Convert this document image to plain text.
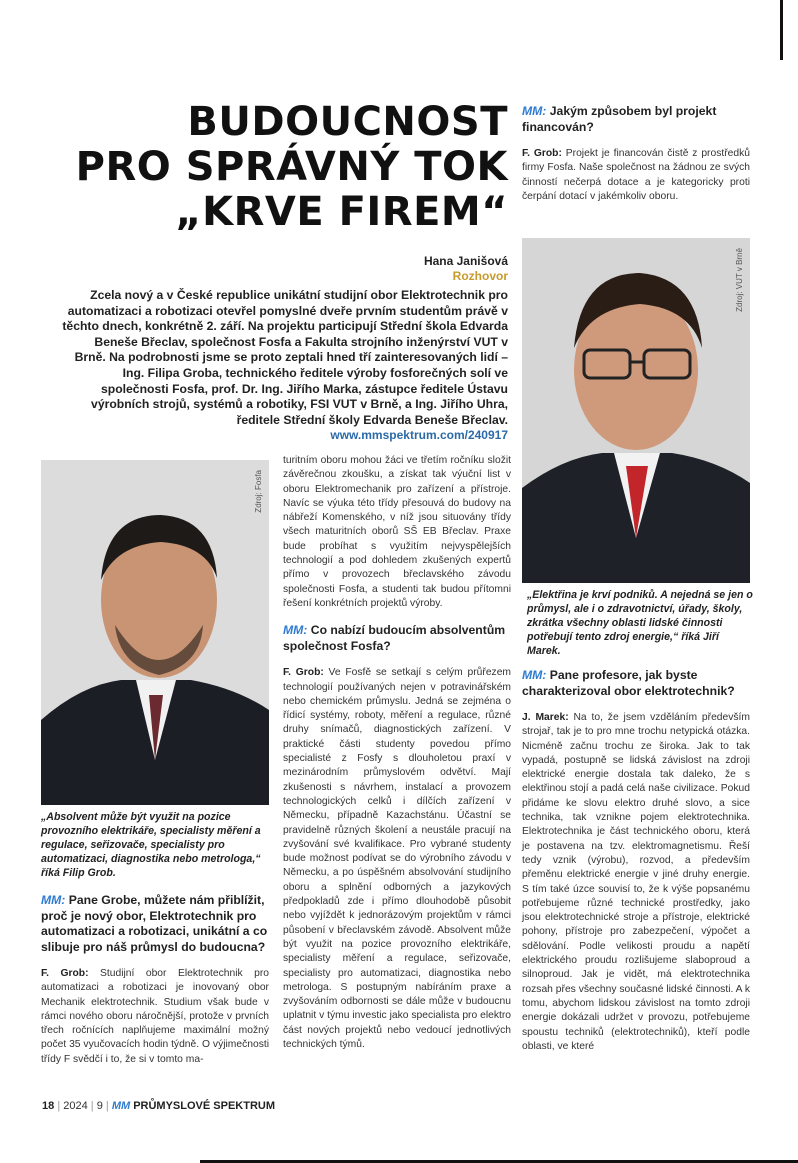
BUDOUCNOST
PRO SPRÁVNÝ TOK
„KRVE FIREM“
Hana Janišová
Rozhovor
Zcela nový a v České republice unikátní studijní obor Elektrotechnik pro automatizaci a robotizaci otevřel pomyslné dveře prvním studentům právě v těchto dnech, konkrétně 2. září. Na projektu participují Střední škola Edvarda Beneše Břeclav, společnost Fosfa a Fakulta strojního inženýrství VUT v Brně. Na podrobnosti jsme se proto zeptali hned tří zainteresovaných lidí – Ing. Filipa Groba, technického ředitele výroby fosforečných solí ve společnosti Fosfa, prof. Dr. Ing. Jiřího Marka, zástupce ředitele Ústavu výrobních strojů, systémů a robotiky, FSI VUT v Brně, a Ing. Jiřího Uhra, ředitele Střední školy Edvarda Beneše Břeclav.
www.mmspektrum.com/240917
Zdroj: Fosfa
„Absolvent může být využit na pozice provozního elektrikáře, specialisty měření a regulace, seřizovače, specialisty pro automatizaci, diagnostika nebo metrologa,“ říká Filip Grob.
Zdroj: VUT v Brně
„Elektřina je krví podniků. A nejedná se jen o průmysl, ale i o zdravotnictví, úřady, školy, zkrátka všechny oblasti lidské činnosti potřebují tento zdroj energie,“ říká Jiří Marek.
MM: Pane Grobe, můžete nám přiblížit, proč je nový obor, Elektrotechnik pro automatizaci a robotizaci, unikátní a co slibuje pro náš průmysl do budoucna?
F. Grob: Studijní obor Elektrotechnik pro automatizaci a robotizaci je inovovaný obor Mechanik elektrotechnik. Studium však bude v rámci nového oboru náročnější, protože v prvních třech ročnících naplňujeme maximální možný počet 35 vyučovacích hodin týdně. O výjimečnosti třídy F svědčí i to, že si v tomto ma-
turitním oboru mohou žáci ve třetím ročníku složit závěrečnou zkoušku, a získat tak výuční list v oboru Elektromechanik pro zařízení a přístroje. Navíc se výuka této třídy přesouvá do budovy na nábřeží Komenského, v níž jsou situovány třídy všech maturitních oborů SŠ EB Břeclav. Praxe bude probíhat s využitím nejvyspělejších technologií a pod dohledem zkušených expertů přímo v provozech břeclavského závodu společnosti Fosfa, a studenti tak budou přítomni řešení konkrétních projektů výroby.
MM: Co nabízí budoucím absolventům společnost Fosfa?
F. Grob: Ve Fosfě se setkají s celým průřezem technologií používaných nejen v potravinářském nebo chemickém průmyslu. Jedná se zejména o řídicí systémy, roboty, měření a regulace, různé druhy snímačů, diagnostických zařízení. V praktické části studenty povedou přímo specialisté z Fosfy s dlouholetou praxí v mezinárodním průmyslovém odvětví. Mají zkušenosti s návrhem, instalací a provozem technologických celků i dílčích zařízení v Německu, případně Kazachstánu. Účastní se pravidelně různých školení a neustále pracují na zvyšování své kvalifikace. Pro vybrané studenty bude možnost podívat se do výrobního závodu v Německu, a po úspěšném absolvování studijního oboru a splnění odborných a jazykových předpokladů zde i přímo dlouhodobě působit nebo vyjíždět k jednorázovým projektům v rámci působení v břeclavském závodě. Absolvent může být využit na pozice provozního elektrikáře, specialisty měření a regulace, seřizovače, specialisty pro automatizaci, diagnostika nebo metrologa. S postupným nabíráním praxe a zvyšováním odbornosti se dále může v budoucnu uplatnit v týmu investic jako specialista pro elektro část nových projektů nebo vedoucí jednotlivých technických týmů.
MM: Jakým způsobem byl projekt financován?
F. Grob: Projekt je financován čistě z prostředků firmy Fosfa. Naše společnost na žádnou ze svých činností nečerpá dotace a je kategoricky proti čerpání dotací v jakémkoliv oboru.
MM: Pane profesore, jak byste charakterizoval obor elektrotechnik?
J. Marek: Na to, že jsem vzděláním především strojař, tak je to pro mne trochu netypická otázka. Nicméně začnu trochu ze široka. Jak to tak vypadá, postupně se lidská závislost na zdroji elektrické energie dostala tak daleko, že s elektřinou stojí a padá celá naše civilizace. Pokud přidáme ke slovu elektro druhé slovo, a sice technika, tak vznikne pojem elektrotechnika. Elektrotechnika je část technického oboru, která je postavena na tzv. elektromagnetismu. Řeší tedy vznik (výrobu), rozvod, a především přeměnu elektrické energie v jiné druhy energie. S tím také úzce souvisí to, že k výše popsanému potřebujeme různé technické prostředky, jako jsou elektrotechnické stroje a přístroje, elektrické pohony, přístroje pro zabezpečení, výpočet a sdělování. Podle velikosti proudu a napětí elektrického proudu rozlišujeme slaboproud a silnoproud. Jak je vidět, má elektrotechnika rozsah přes všechny současné lidské činnosti. A k tomu, abychom lidskou závislost na tomto zdroji energie dokázali udržet v provozu, potřebujeme spoustu techniků (elektrotechniků), kteří podle oblasti, ve které
18 | 2024 | 9 | MM PRŮMYSLOVÉ SPEKTRUM
